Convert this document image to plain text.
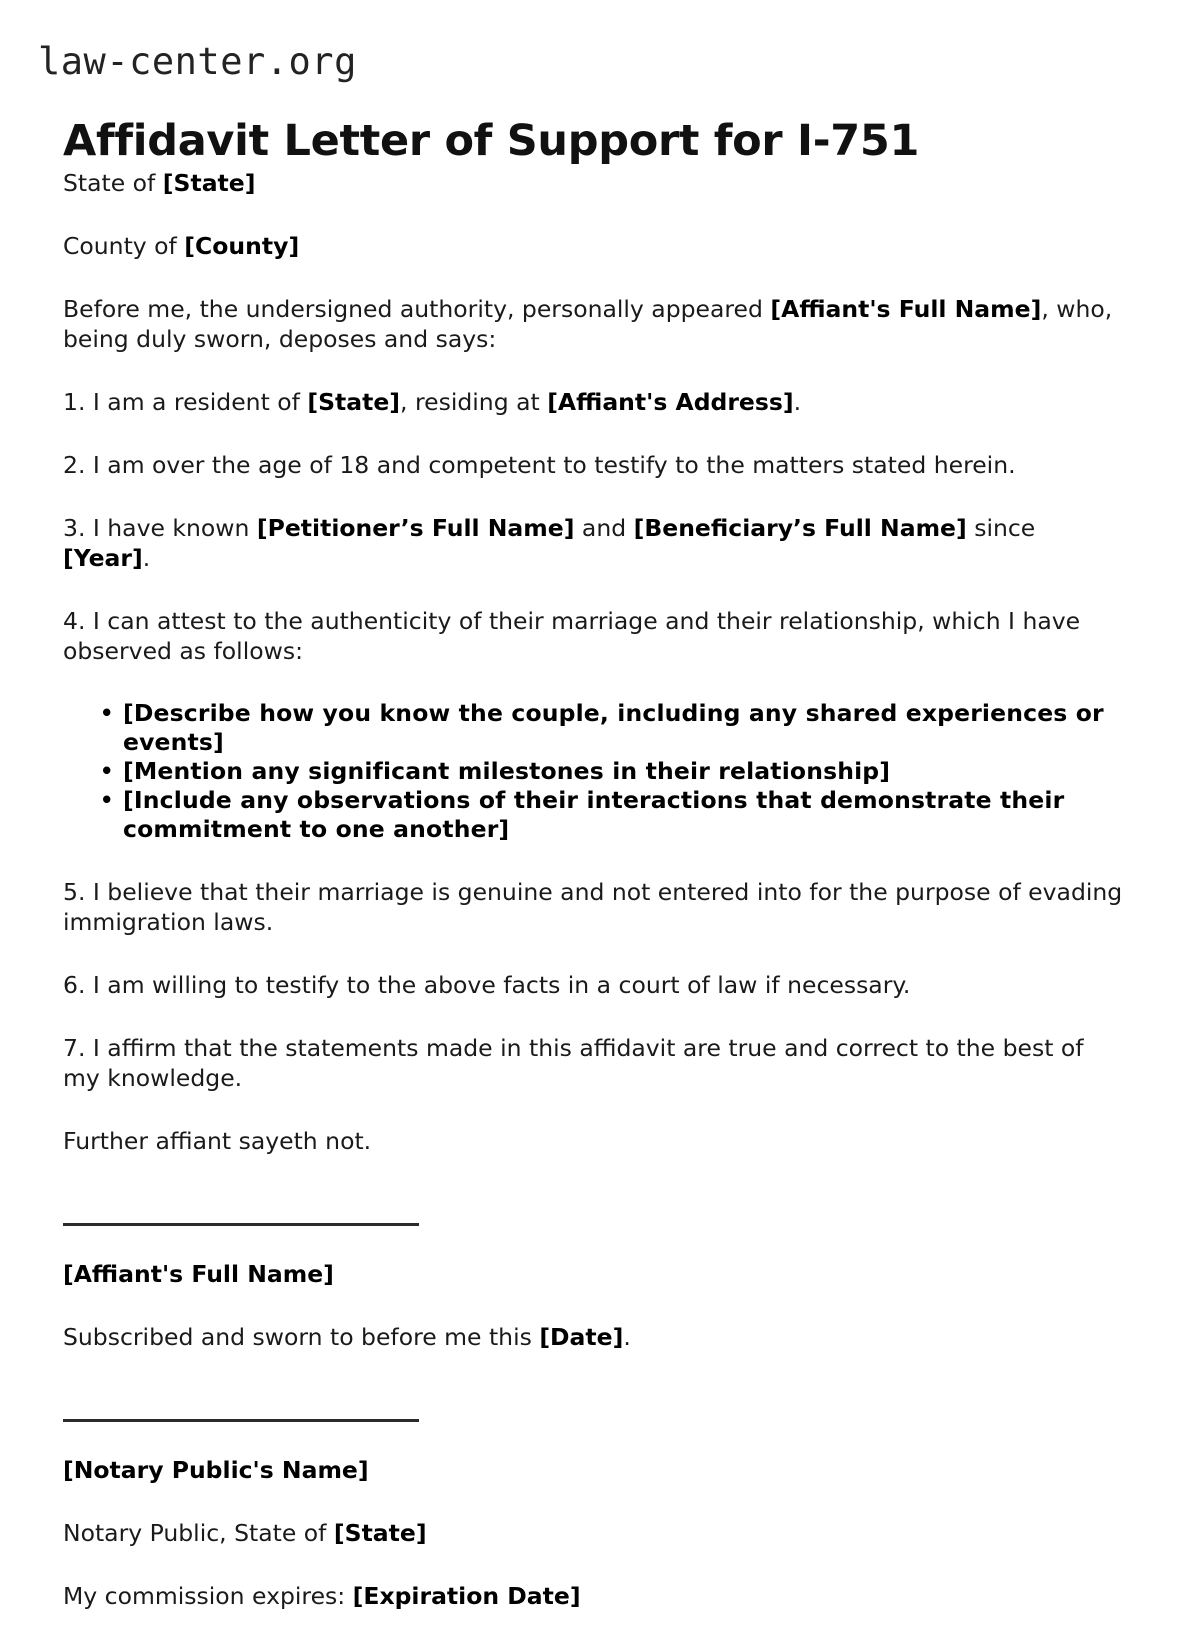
law-center.org
Affidavit Letter of Support for I-751

State of [State]

County of [County]

Before me, the undersigned authority, personally appeared [Affiant's Full Name], who, being duly sworn, deposes and says:

1. I am a resident of [State], residing at [Affiant's Address].

2. I am over the age of 18 and competent to testify to the matters stated herein.

3. I have known [Petitioner’s Full Name] and [Beneficiary’s Full Name] since [Year].

4. I can attest to the authenticity of their marriage and their relationship, which I have observed as follows:

• [Describe how you know the couple, including any shared experiences or events]
• [Mention any significant milestones in their relationship]
• [Include any observations of their interactions that demonstrate their commitment to one another]

5. I believe that their marriage is genuine and not entered into for the purpose of evading immigration laws.

6. I am willing to testify to the above facts in a court of law if necessary.

7. I affirm that the statements made in this affidavit are true and correct to the best of my knowledge.

Further affiant sayeth not.

[Affiant's Full Name]

Subscribed and sworn to before me this [Date].

[Notary Public's Name]

Notary Public, State of [State]

My commission expires: [Expiration Date]
